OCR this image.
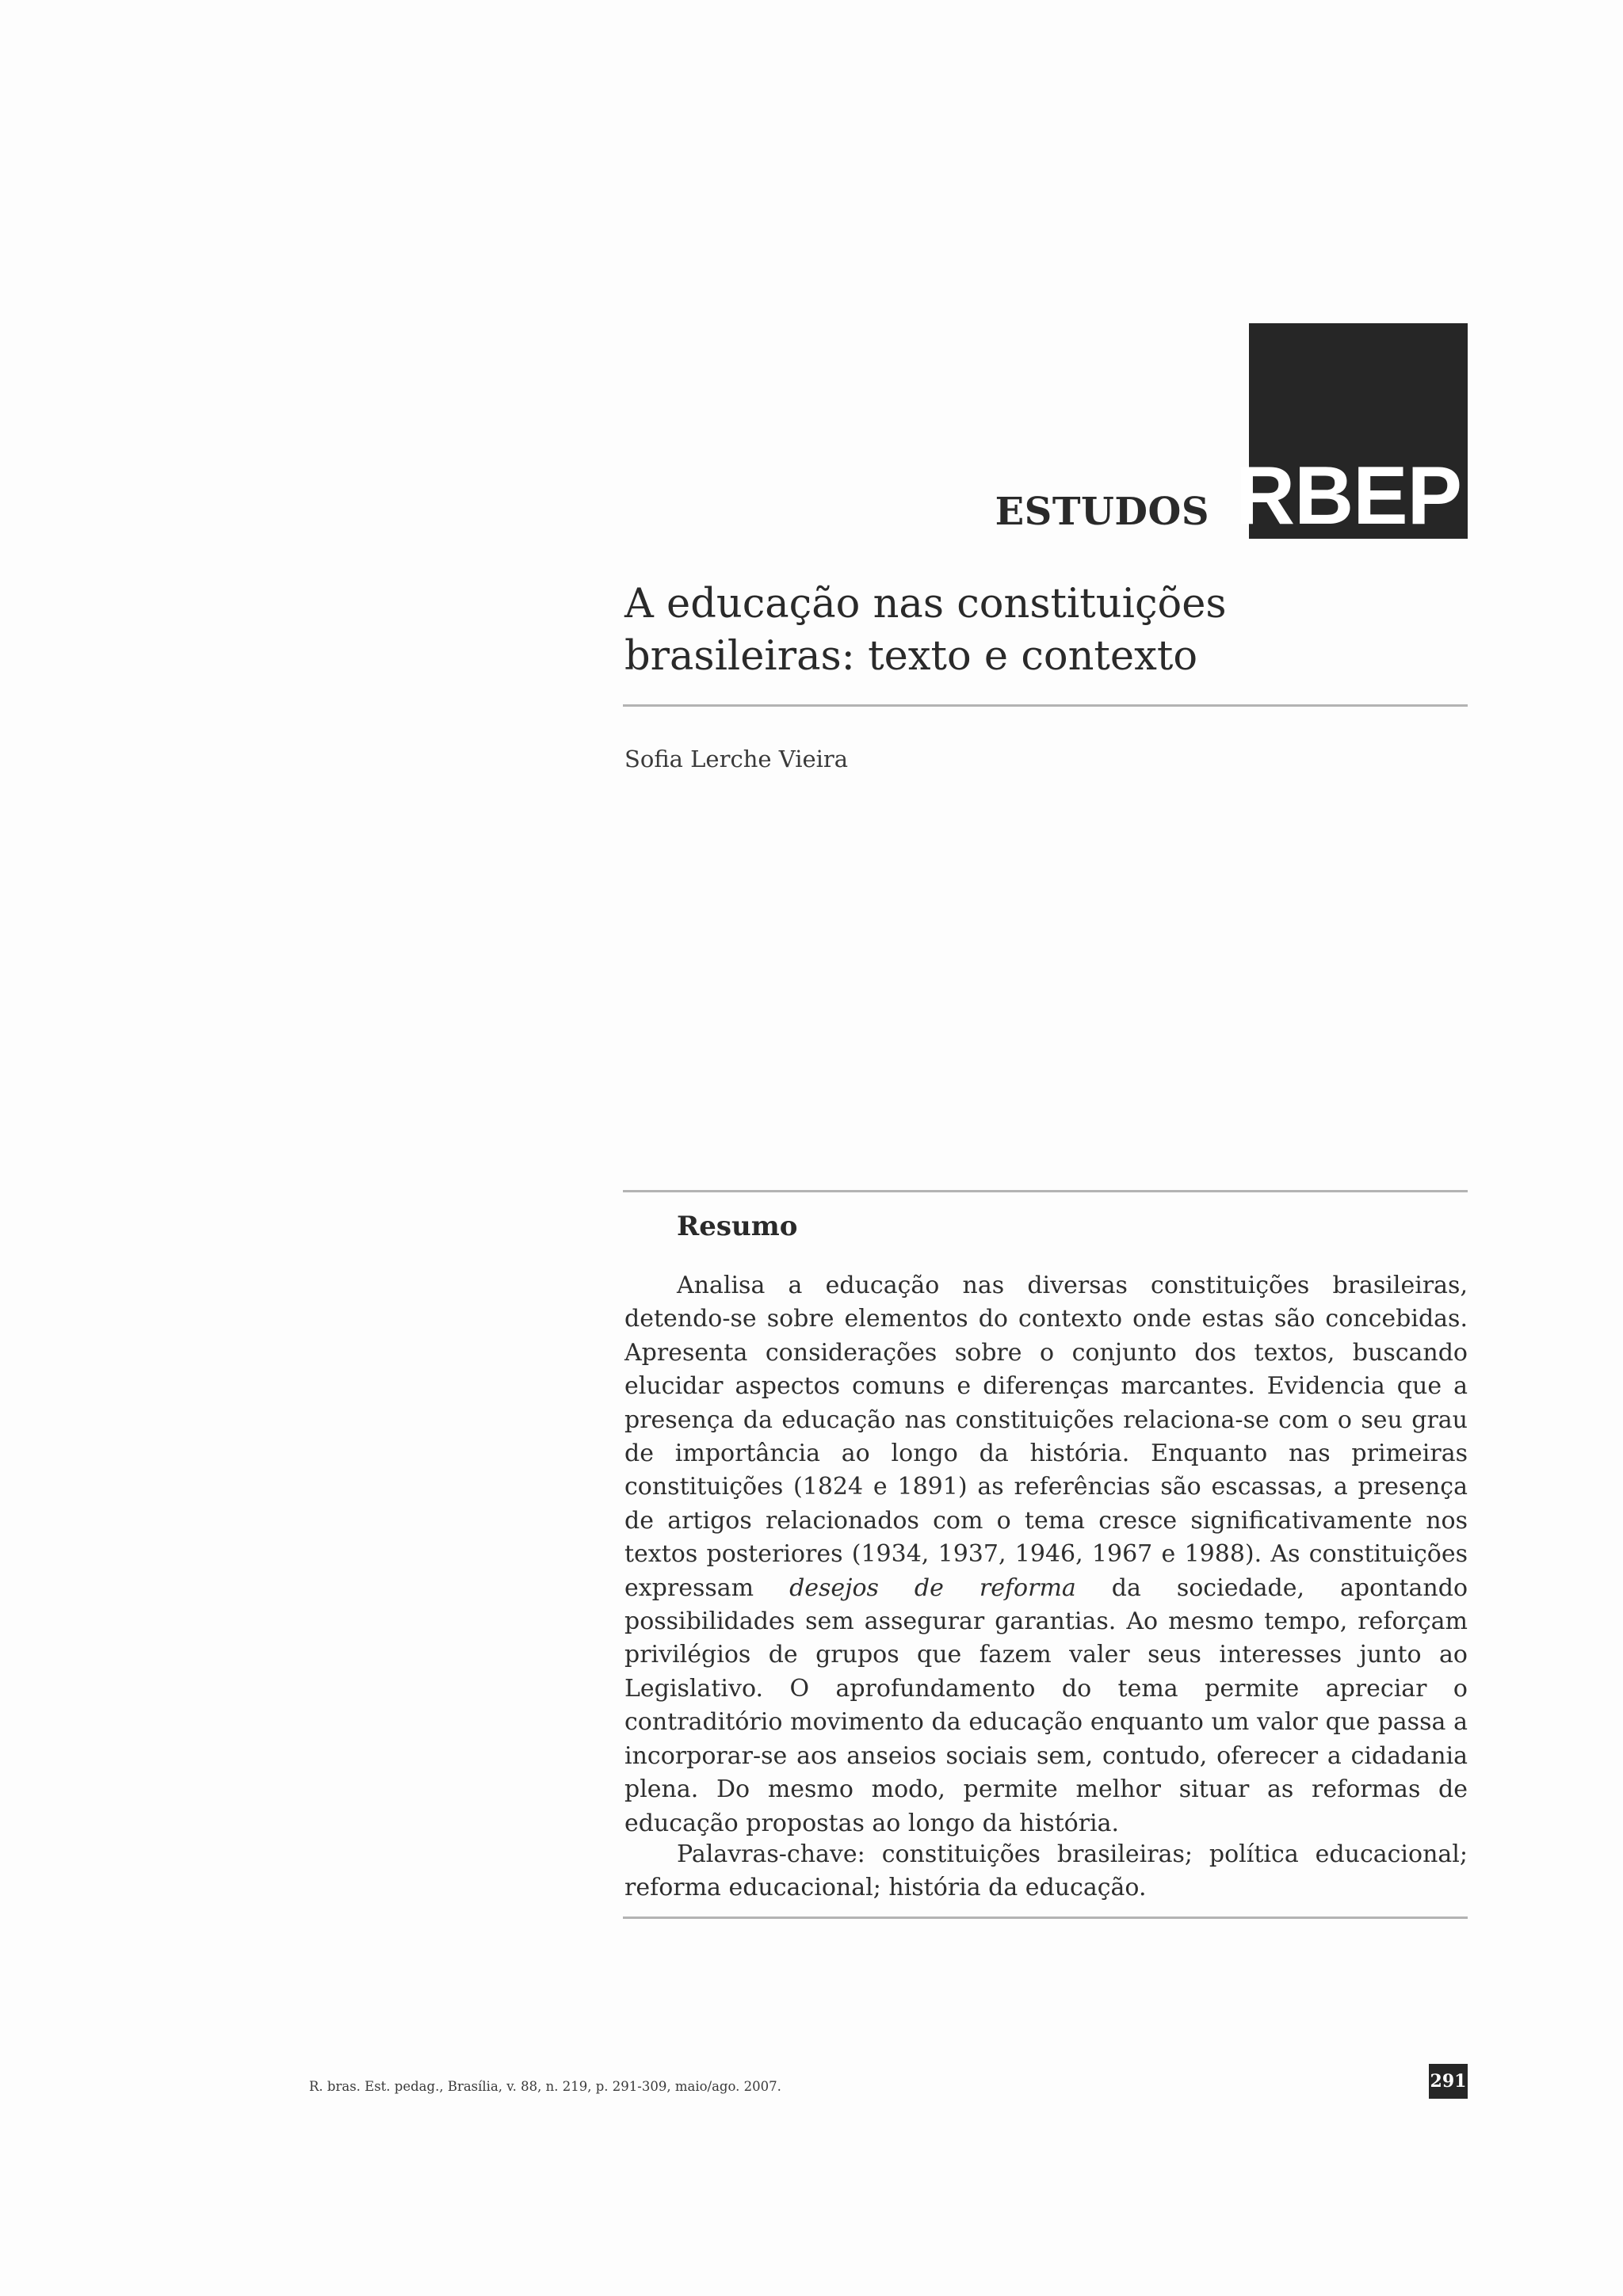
RBEP
ESTUDOS
A educação nas constituições brasileiras: texto e contexto
Sofia Lerche Vieira
Resumo

Analisa a educação nas diversas constituições brasileiras, detendo-se sobre elementos do contexto onde estas são concebidas. Apresenta considerações sobre o conjunto dos textos, buscando elucidar aspectos comuns e diferenças marcantes. Evidencia que a presença da educação nas constituições relaciona-se com o seu grau de importância ao longo da história. Enquanto nas primeiras constituições (1824 e 1891) as referências são escassas, a presença de artigos relacionados com o tema cresce significativamente nos textos posteriores (1934, 1937, 1946, 1967 e 1988). As constituições expressam desejos de reforma da sociedade, apontando possibilidades sem assegurar garantias. Ao mesmo tempo, reforçam privilégios de grupos que fazem valer seus interesses junto ao Legislativo. O aprofundamento do tema permite apreciar o contraditório movimento da educação enquanto um valor que passa a incorporar-se aos anseios sociais sem, contudo, oferecer a cidadania plena. Do mesmo modo, permite melhor situar as reformas de educação propostas ao longo da história.

Palavras-chave: constituições brasileiras; política educacional; reforma educacional; história da educação.

R. bras. Est. pedag., Brasília, v. 88, n. 219, p. 291-309, maio/ago. 2007.	291
